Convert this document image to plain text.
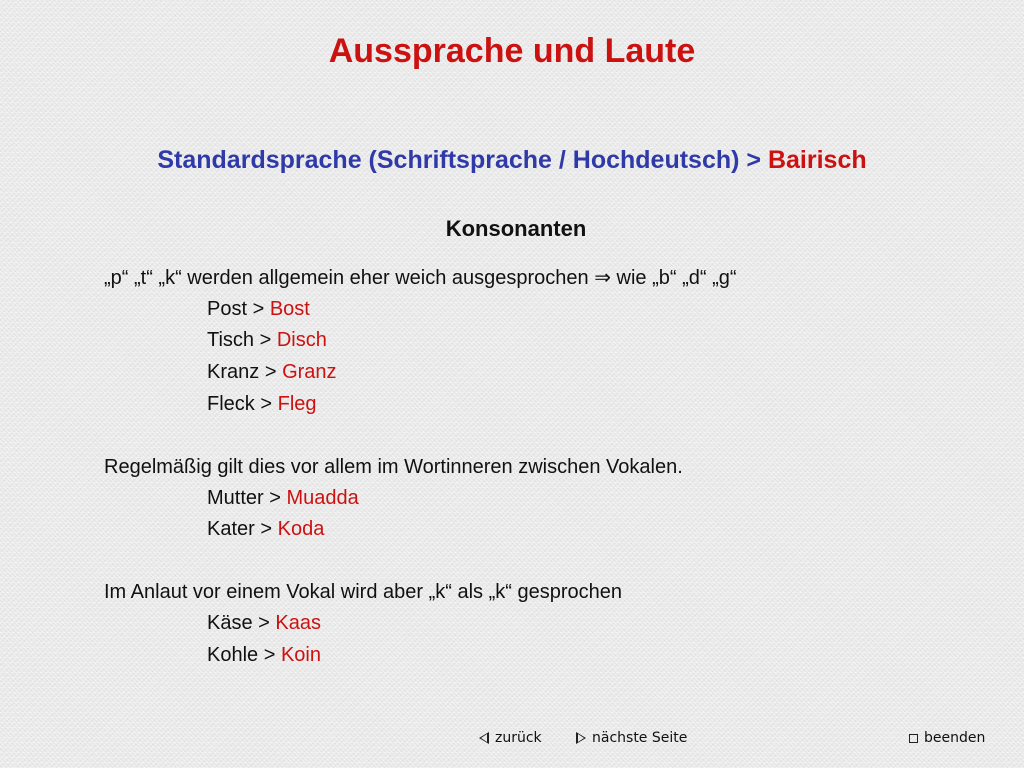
Aussprache und Laute
Standardsprache (Schriftsprache / Hochdeutsch) > Bairisch
Konsonanten
„p“ „t“ „k“ werden allgemein eher weich ausgesprochen ⇒ wie „b“ „d“ „g“
Post > Bost
Tisch > Disch
Kranz > Granz
Fleck > Fleg
Regelmäßig gilt dies vor allem im Wortinneren zwischen Vokalen.
Mutter > Muadda
Kater > Koda
Im Anlaut vor einem Vokal wird aber „k“ als „k“ gesprochen
Käse > Kaas
Kohle > Koin
zurück	nächste Seite	beenden
